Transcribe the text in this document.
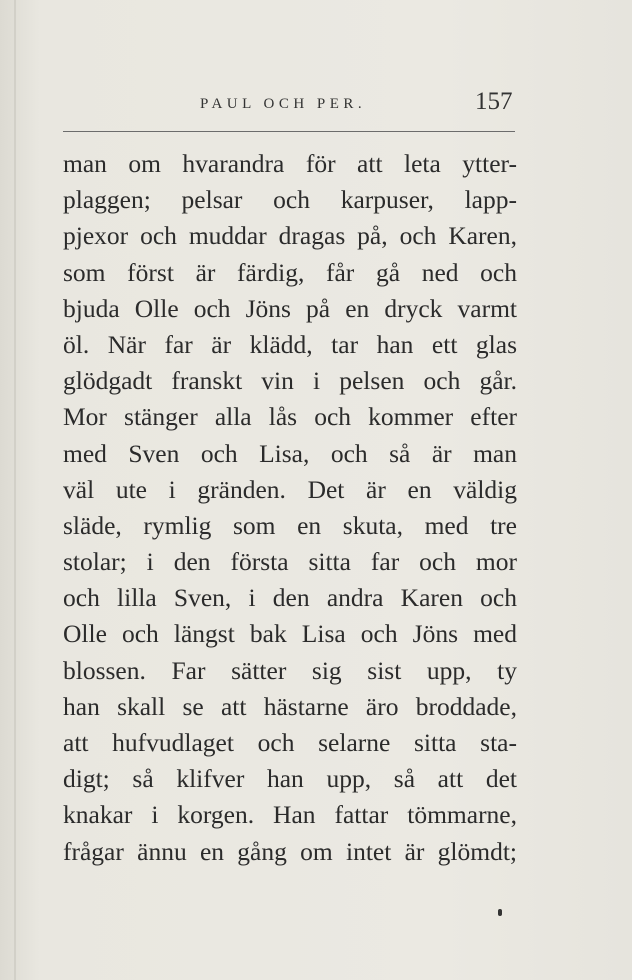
PAUL OCH PER.	157
man om hvarandra för att leta ytter-
plaggen; pelsar och karpuser, lapp-
pjexor och muddar dragas på, och Karen,
som först är färdig, får gå ned och
bjuda Olle och Jöns på en dryck varmt
öl. När far är klädd, tar han ett glas
glödgadt franskt vin i pelsen och går.
Mor stänger alla lås och kommer efter
med Sven och Lisa, och så är man
väl ute i gränden. Det är en väldig
släde, rymlig som en skuta, med tre
stolar; i den första sitta far och mor
och lilla Sven, i den andra Karen och
Olle och längst bak Lisa och Jöns med
blossen. Far sätter sig sist upp, ty
han skall se att hästarne äro broddade,
att hufvudlaget och selarne sitta sta-
digt; så klifver han upp, så att det
knakar i korgen. Han fattar tömmarne,
frågar ännu en gång om intet är glömdt;
